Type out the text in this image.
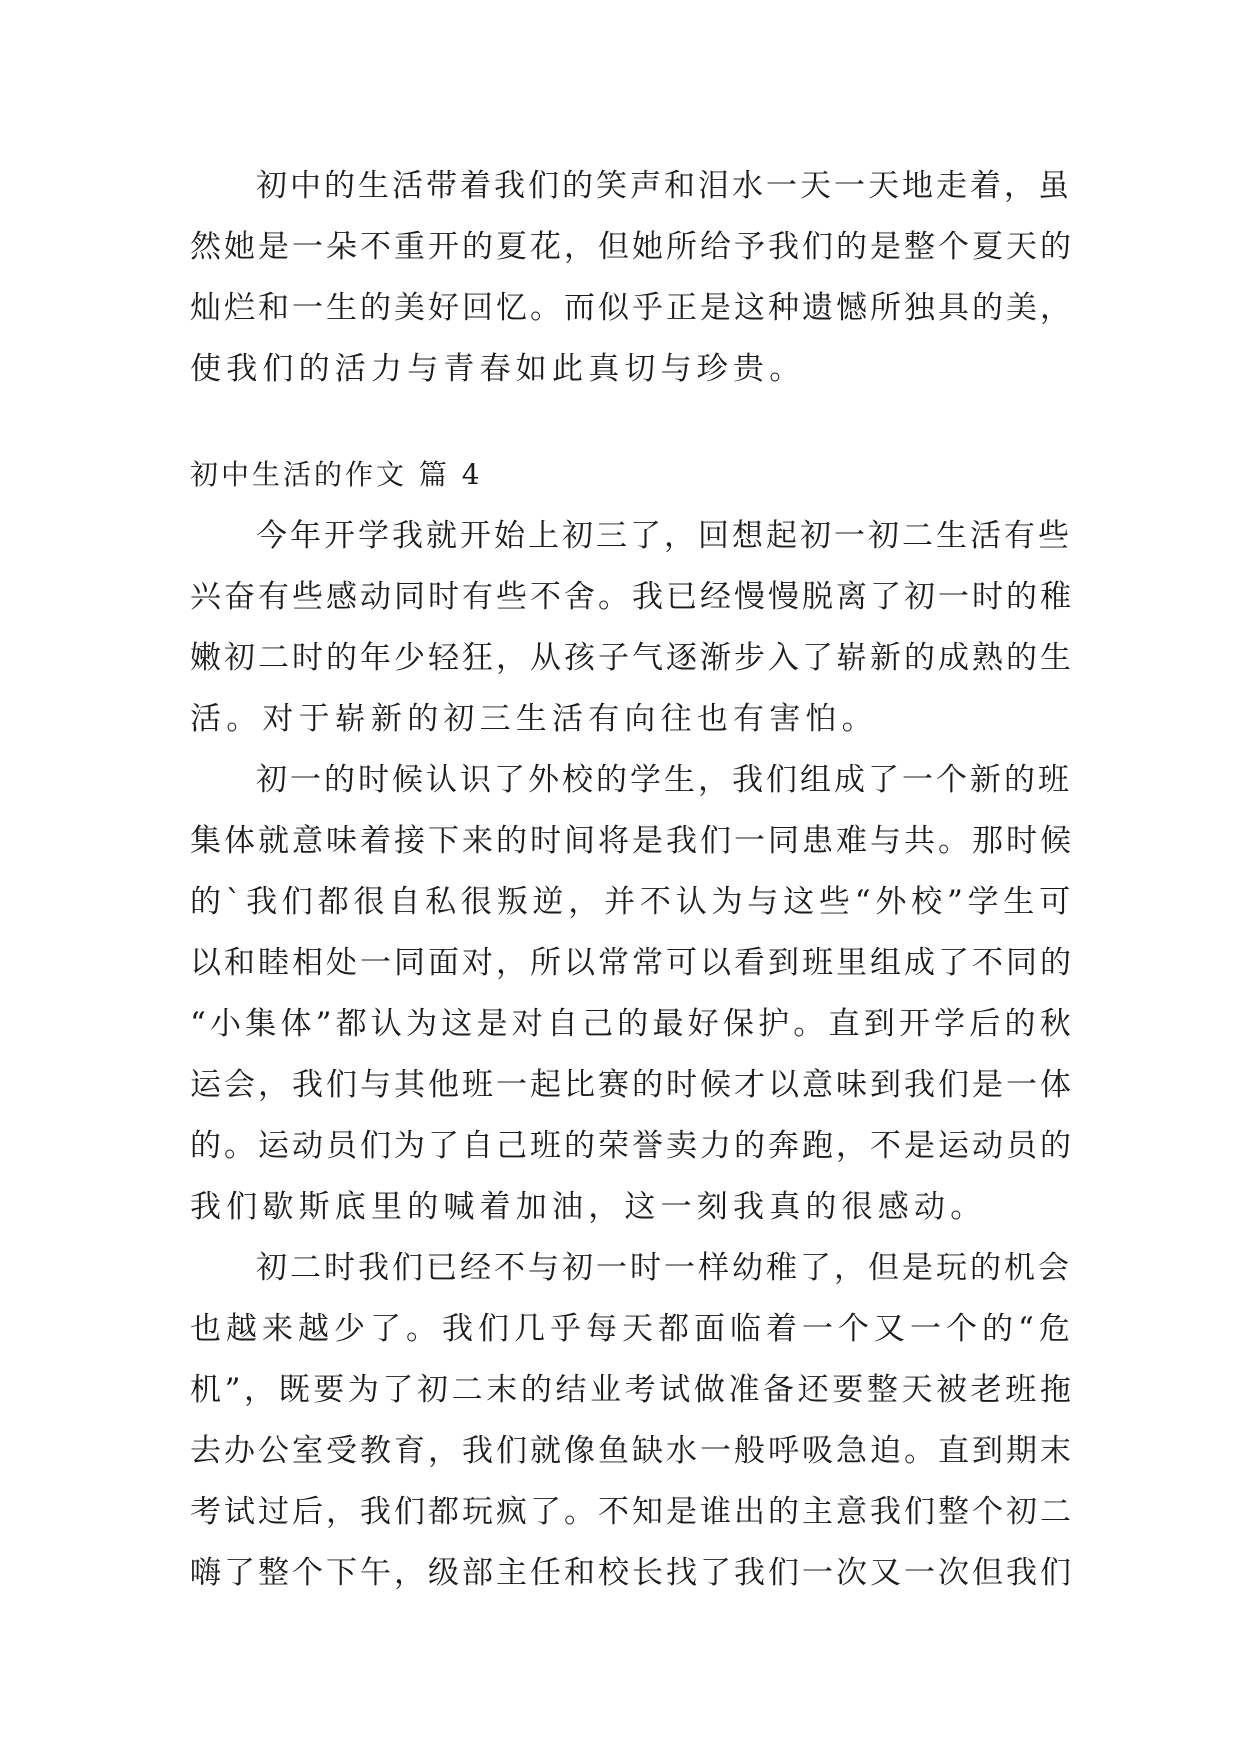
初中的生活带着我们的笑声和泪水一天一天地走着，虽
然她是一朵不重开的夏花，但她所给予我们的是整个夏天的
灿烂和一生的美好回忆。而似乎正是这种遗憾所独具的美，
使我们的活力与青春如此真切与珍贵。
初中生活的作文 篇 4
今年开学我就开始上初三了，回想起初一初二生活有些
兴奋有些感动同时有些不舍。我已经慢慢脱离了初一时的稚
嫩初二时的年少轻狂，从孩子气逐渐步入了崭新的成熟的生
活。对于崭新的初三生活有向往也有害怕。
初一的时候认识了外校的学生，我们组成了一个新的班
集体就意味着接下来的时间将是我们一同患难与共。那时候
的`我们都很自私很叛逆，并不认为与这些“外校”学生可
以和睦相处一同面对，所以常常可以看到班里组成了不同的
“小集体”都认为这是对自己的最好保护。直到开学后的秋
运会，我们与其他班一起比赛的时候才以意味到我们是一体
的。运动员们为了自己班的荣誉卖力的奔跑，不是运动员的
我们歇斯底里的喊着加油，这一刻我真的很感动。
初二时我们已经不与初一时一样幼稚了，但是玩的机会
也越来越少了。我们几乎每天都面临着一个又一个的“危
机”，既要为了初二末的结业考试做准备还要整天被老班拖
去办公室受教育，我们就像鱼缺水一般呼吸急迫。直到期末
考试过后，我们都玩疯了。不知是谁出的主意我们整个初二
嗨了整个下午，级部主任和校长找了我们一次又一次但我们
